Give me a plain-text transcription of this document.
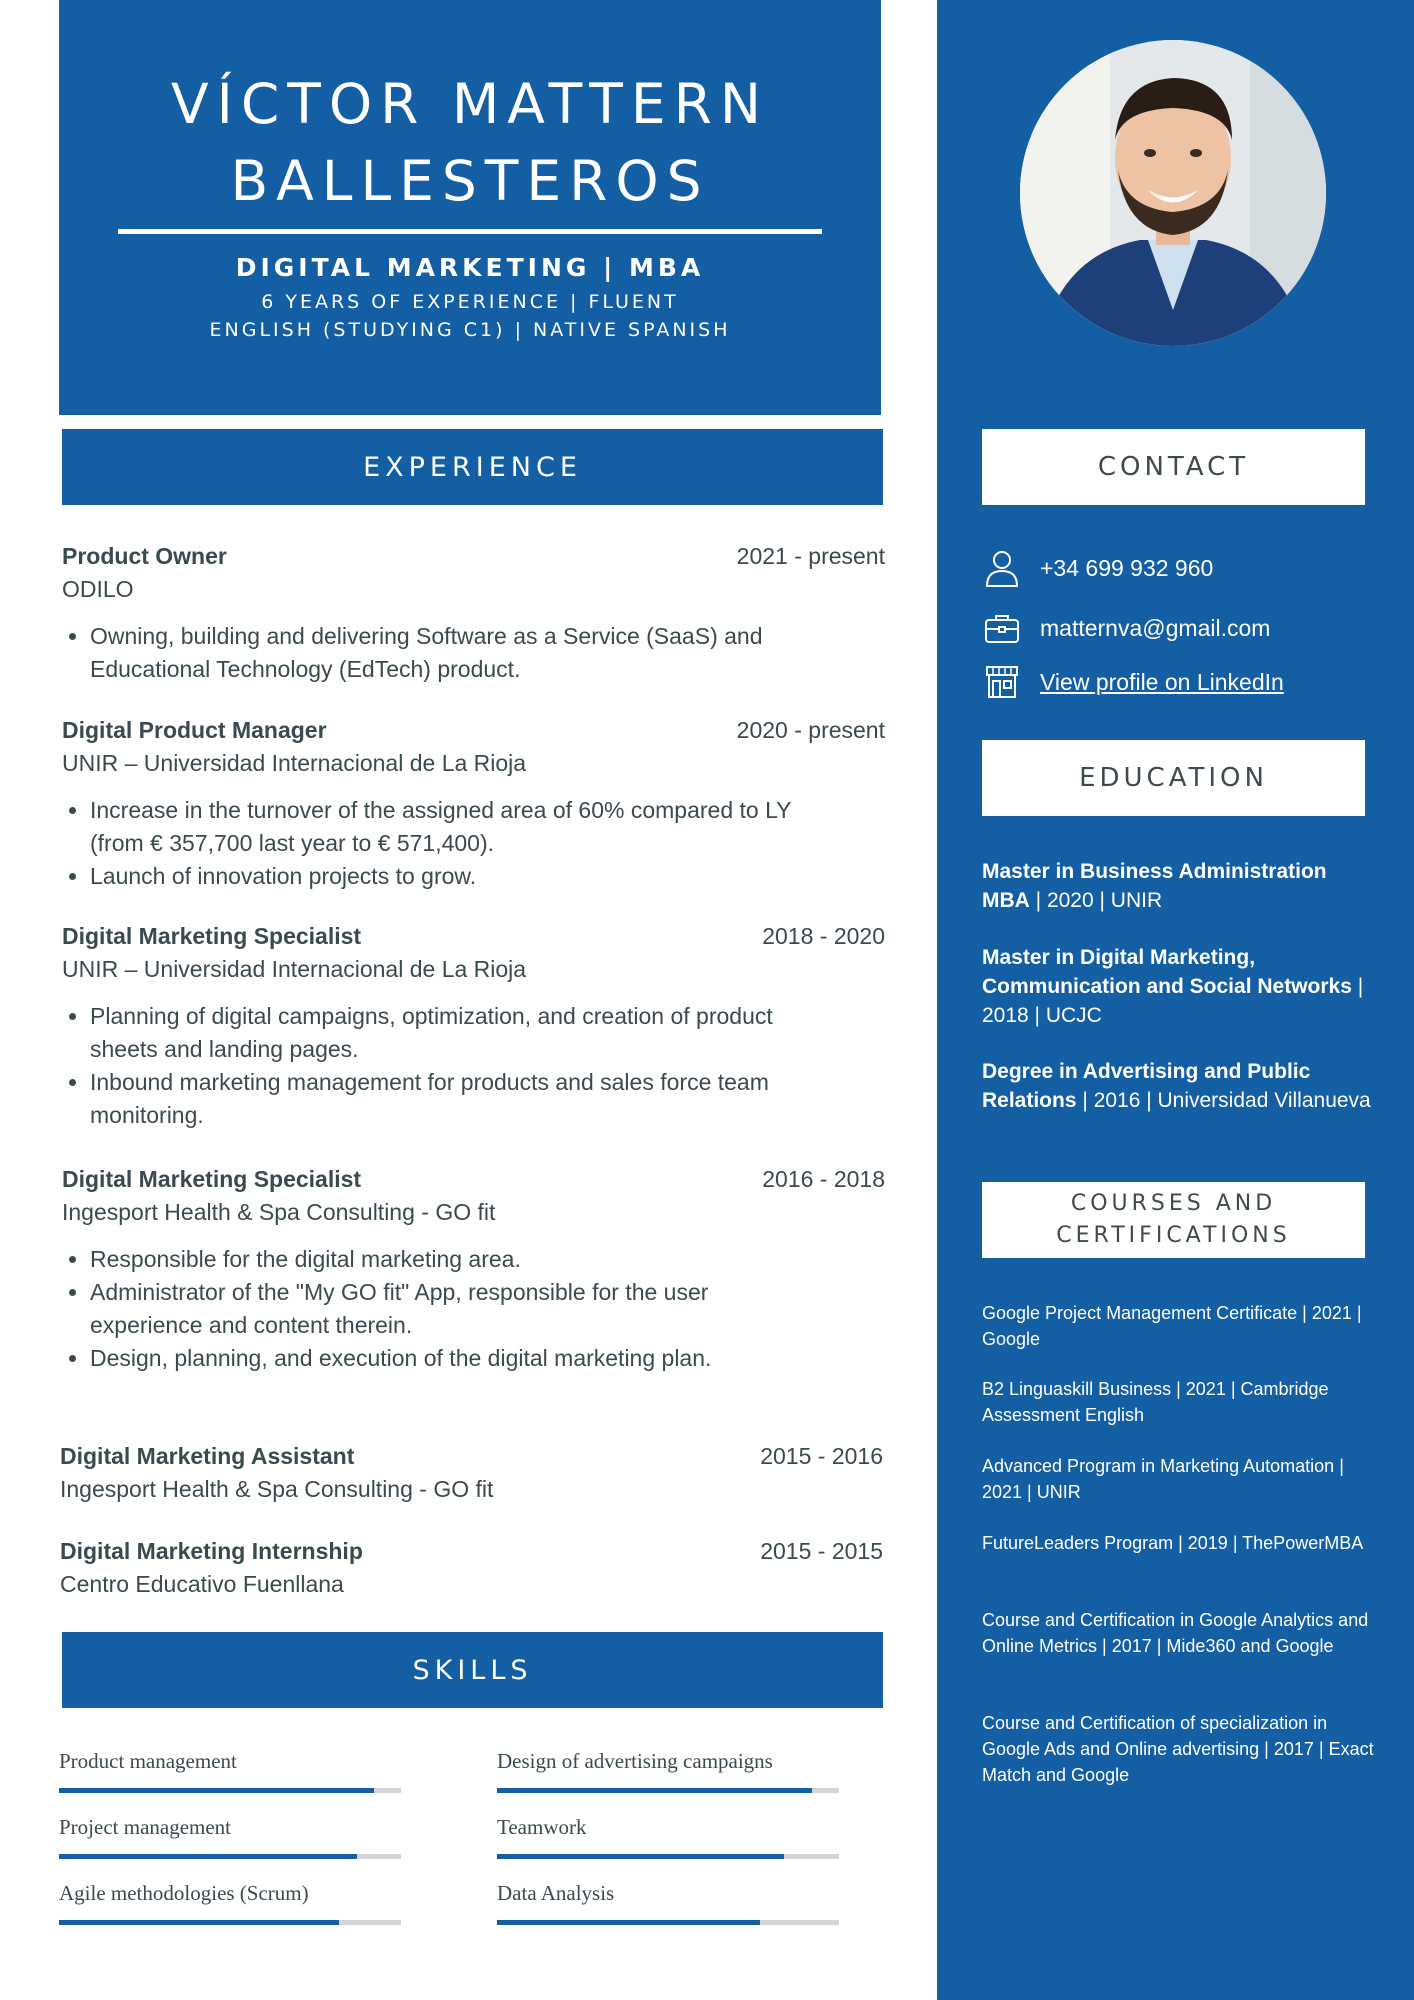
VÍCTOR MATTERN
BALLESTEROS
DIGITAL MARKETING | MBA
6 YEARS OF EXPERIENCE | FLUENT ENGLISH (STUDYING C1) | NATIVE SPANISH
EXPERIENCE
Product Owner	2021 - present
ODILO
• Owning, building and delivering Software as a Service (SaaS) and Educational Technology (EdTech) product.
Digital Product Manager	2020 - present
UNIR – Universidad Internacional de La Rioja
• Increase in the turnover of the assigned area of 60% compared to LY (from € 357,700 last year to € 571,400).
• Launch of innovation projects to grow.
Digital Marketing Specialist	2018 - 2020
UNIR – Universidad Internacional de La Rioja
• Planning of digital campaigns, optimization, and creation of product sheets and landing pages.
• Inbound marketing management for products and sales force team monitoring.
Digital Marketing Specialist	2016 - 2018
Ingesport Health & Spa Consulting - GO fit
• Responsible for the digital marketing area.
• Administrator of the "My GO fit" App, responsible for the user experience and content therein.
• Design, planning, and execution of the digital marketing plan.
Digital Marketing Assistant	2015 - 2016
Ingesport Health & Spa Consulting - GO fit
Digital Marketing Internship	2015 - 2015
Centro Educativo Fuenllana
SKILLS
Product management	Design of advertising campaigns
Project management	Teamwork
Agile methodologies (Scrum)	Data Analysis
CONTACT
+34 699 932 960
matternva@gmail.com
View profile on LinkedIn
EDUCATION
Master in Business Administration MBA | 2020 | UNIR
Master in Digital Marketing, Communication and Social Networks | 2018 | UCJC
Degree in Advertising and Public Relations | 2016 | Universidad Villanueva
COURSES AND
CERTIFICATIONS
Google Project Management Certificate | 2021 | Google
B2 Linguaskill Business | 2021 | Cambridge Assessment English
Advanced Program in Marketing Automation | 2021 | UNIR
FutureLeaders Program | 2019 | ThePowerMBA
Course and Certification in Google Analytics and Online Metrics | 2017 | Mide360 and Google
Course and Certification of specialization in Google Ads and Online advertising | 2017 | Exact Match and Google
